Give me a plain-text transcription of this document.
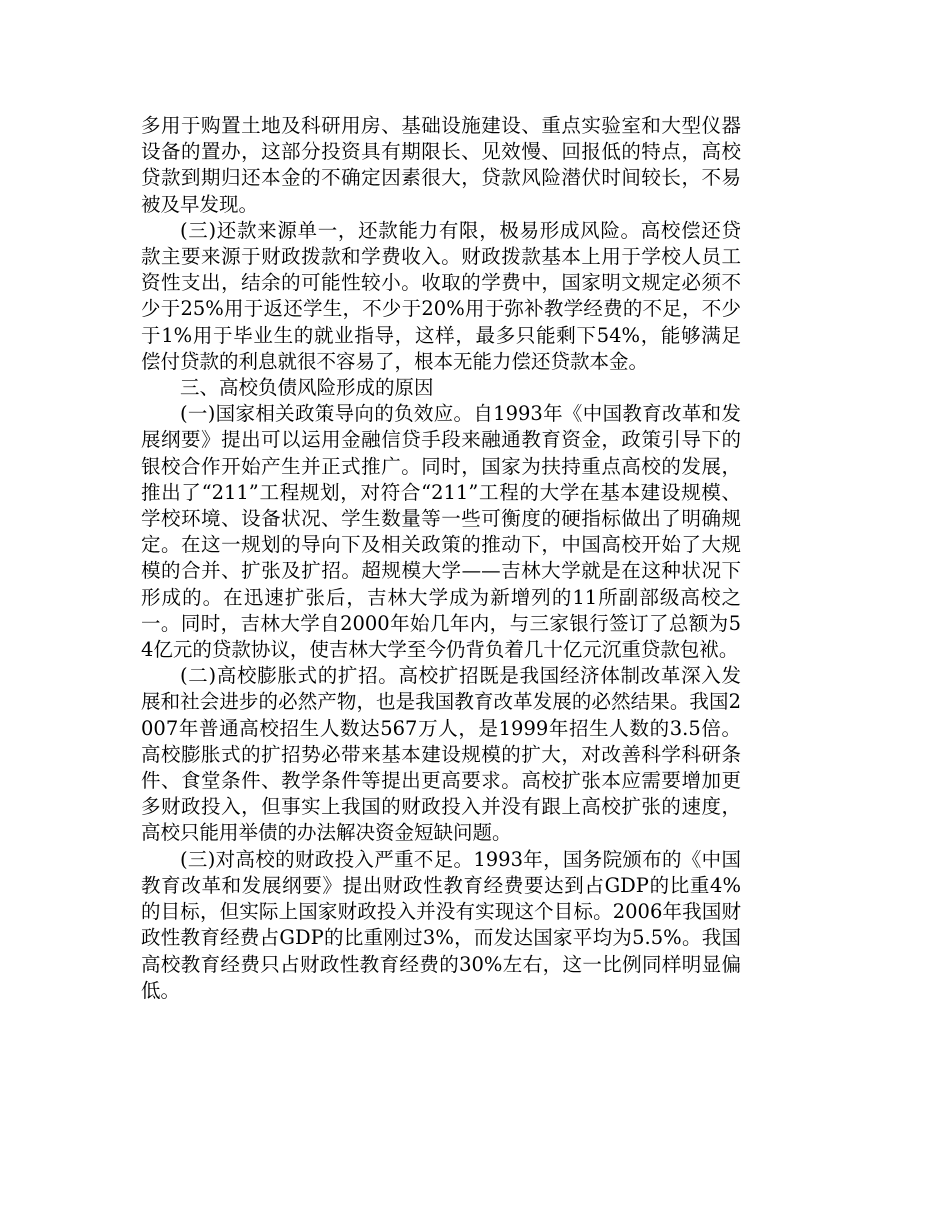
多用于购置土地及科研用房、基础设施建设、重点实验室和大型仪器设备的置办，这部分投资具有期限长、见效慢、回报低的特点，高校贷款到期归还本金的不确定因素很大，贷款风险潜伏时间较长，不易被及早发现。

(三)还款来源单一，还款能力有限，极易形成风险。高校偿还贷款主要来源于财政拨款和学费收入。财政拨款基本上用于学校人员工资性支出，结余的可能性较小。收取的学费中，国家明文规定必须不少于25%用于返还学生，不少于20%用于弥补教学经费的不足，不少于1%用于毕业生的就业指导，这样，最多只能剩下54%，能够满足偿付贷款的利息就很不容易了，根本无能力偿还贷款本金。

三、高校负债风险形成的原因

(一)国家相关政策导向的负效应。自1993年《中国教育改革和发展纲要》提出可以运用金融信贷手段来融通教育资金，政策引导下的银校合作开始产生并正式推广。同时，国家为扶持重点高校的发展，推出了“211”工程规划，对符合“211”工程的大学在基本建设规模、学校环境、设备状况、学生数量等一些可衡度的硬指标做出了明确规定。在这一规划的导向下及相关政策的推动下，中国高校开始了大规模的合并、扩张及扩招。超规模大学——吉林大学就是在这种状况下形成的。在迅速扩张后，吉林大学成为新增列的11所副部级高校之一。同时，吉林大学自2000年始几年内，与三家银行签订了总额为54亿元的贷款协议，使吉林大学至今仍背负着几十亿元沉重贷款包袱。

(二)高校膨胀式的扩招。高校扩招既是我国经济体制改革深入发展和社会进步的必然产物，也是我国教育改革发展的必然结果。我国2007年普通高校招生人数达567万人，是1999年招生人数的3.5倍。高校膨胀式的扩招势必带来基本建设规模的扩大，对改善科学科研条件、食堂条件、教学条件等提出更高要求。高校扩张本应需要增加更多财政投入，但事实上我国的财政投入并没有跟上高校扩张的速度，高校只能用举债的办法解决资金短缺问题。

(三)对高校的财政投入严重不足。1993年，国务院颁布的《中国教育改革和发展纲要》提出财政性教育经费要达到占GDP的比重4%的目标，但实际上国家财政投入并没有实现这个目标。2006年我国财政性教育经费占GDP的比重刚过3%，而发达国家平均为5.5%。我国高校教育经费只占财政性教育经费的30%左右，这一比例同样明显偏低。
